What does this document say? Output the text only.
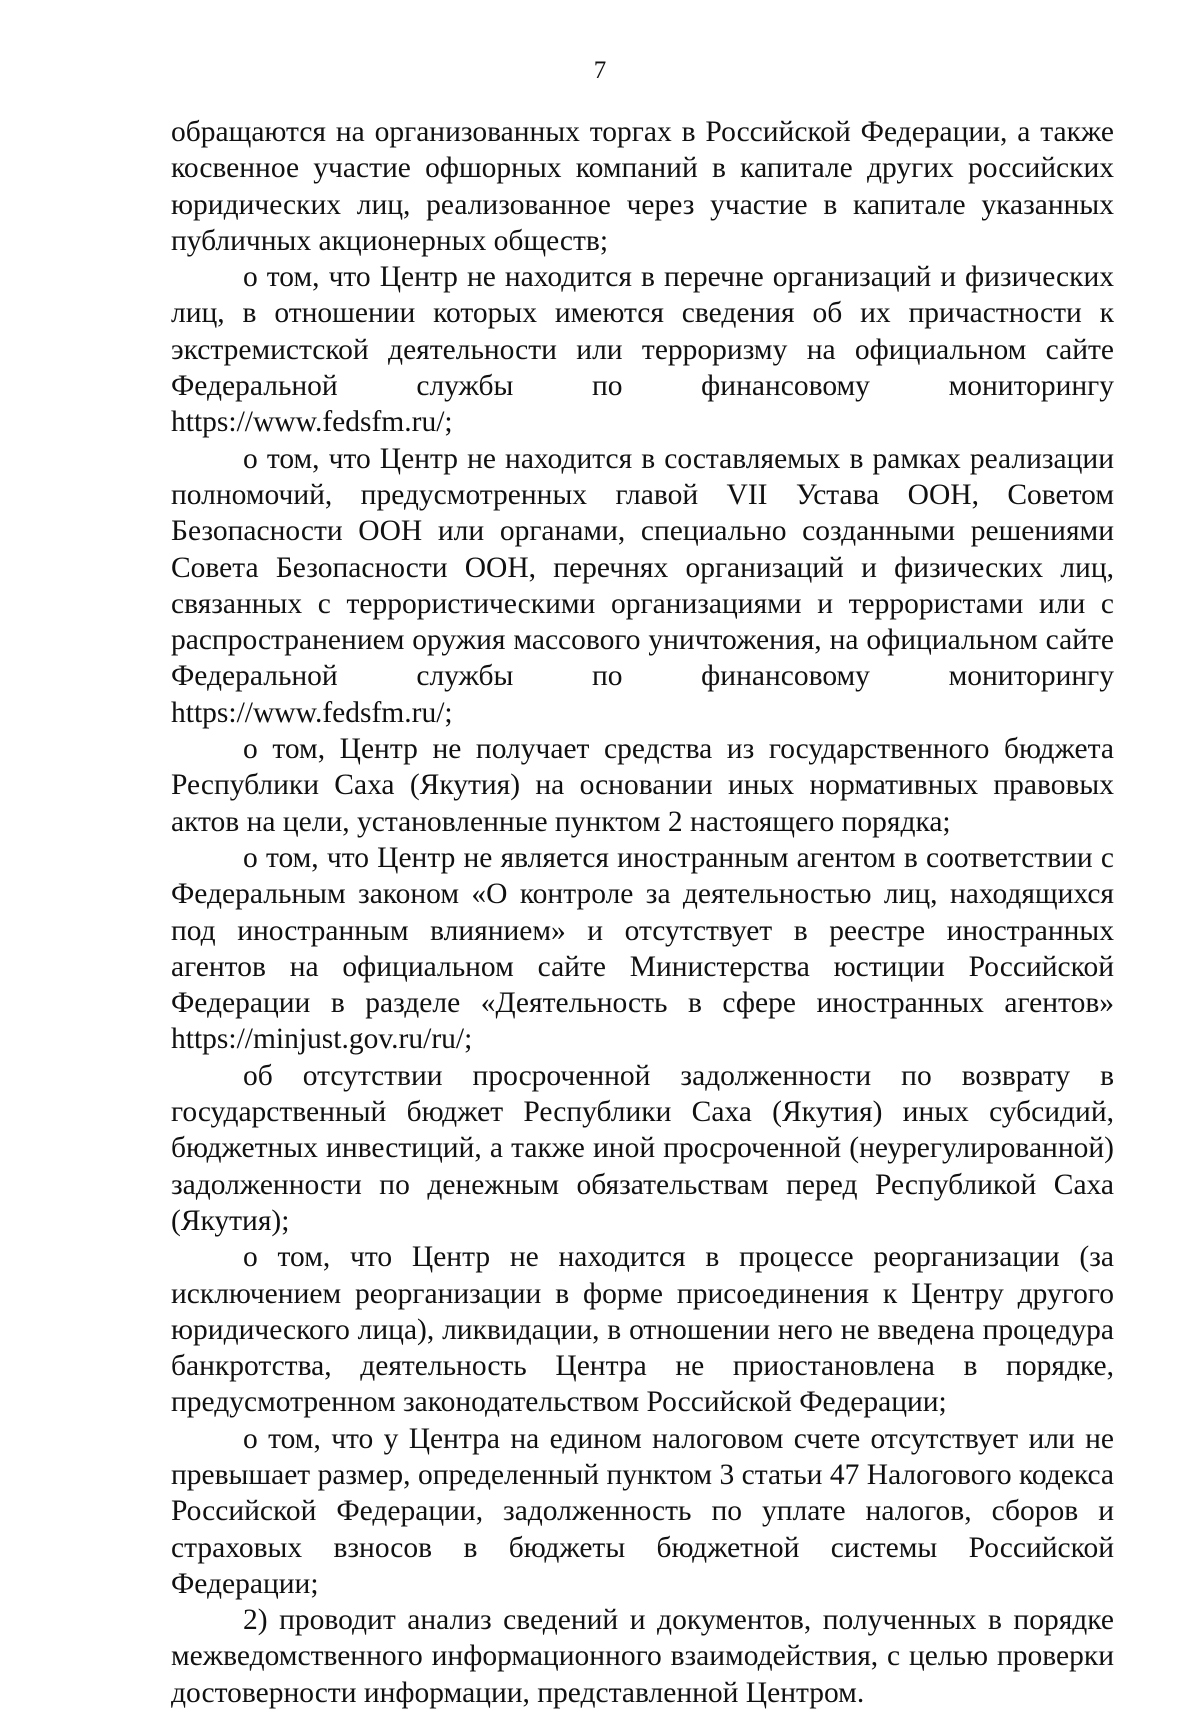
7

обращаются на организованных торгах в Российской Федерации, а также косвенное участие офшорных компаний в капитале других российских юридических лиц, реализованное через участие в капитале указанных публичных акционерных обществ;

о том, что Центр не находится в перечне организаций и физических лиц, в отношении которых имеются сведения об их причастности к экстремистской деятельности или терроризму на официальном сайте Федеральной службы по финансовому мониторингу https://www.fedsfm.ru/;

о том, что Центр не находится в составляемых в рамках реализации полномочий, предусмотренных главой VII Устава ООН, Советом Безопасности ООН или органами, специально созданными решениями Совета Безопасности ООН, перечнях организаций и физических лиц, связанных с террористическими организациями и террористами или с распространением оружия массового уничтожения, на официальном сайте Федеральной службы по финансовому мониторингу https://www.fedsfm.ru/;

о том, Центр не получает средства из государственного бюджета Республики Саха (Якутия) на основании иных нормативных правовых актов на цели, установленные пунктом 2 настоящего порядка;

о том, что Центр не является иностранным агентом в соответствии с Федеральным законом «О контроле за деятельностью лиц, находящихся под иностранным влиянием» и отсутствует в реестре иностранных агентов на официальном сайте Министерства юстиции Российской Федерации в разделе «Деятельность в сфере иностранных агентов» https://minjust.gov.ru/ru/;

об отсутствии просроченной задолженности по возврату в государственный бюджет Республики Саха (Якутия) иных субсидий, бюджетных инвестиций, а также иной просроченной (неурегулированной) задолженности по денежным обязательствам перед Республикой Саха (Якутия);

о том, что Центр не находится в процессе реорганизации (за исключением реорганизации в форме присоединения к Центру другого юридического лица), ликвидации, в отношении него не введена процедура банкротства, деятельность Центра не приостановлена в порядке, предусмотренном законодательством Российской Федерации;

о том, что у Центра на едином налоговом счете отсутствует или не превышает размер, определенный пунктом 3 статьи 47 Налогового кодекса Российской Федерации, задолженность по уплате налогов, сборов и страховых взносов в бюджеты бюджетной системы Российской Федерации;

2) проводит анализ сведений и документов, полученных в порядке межведомственного информационного взаимодействия, с целью проверки достоверности информации, представленной Центром.
